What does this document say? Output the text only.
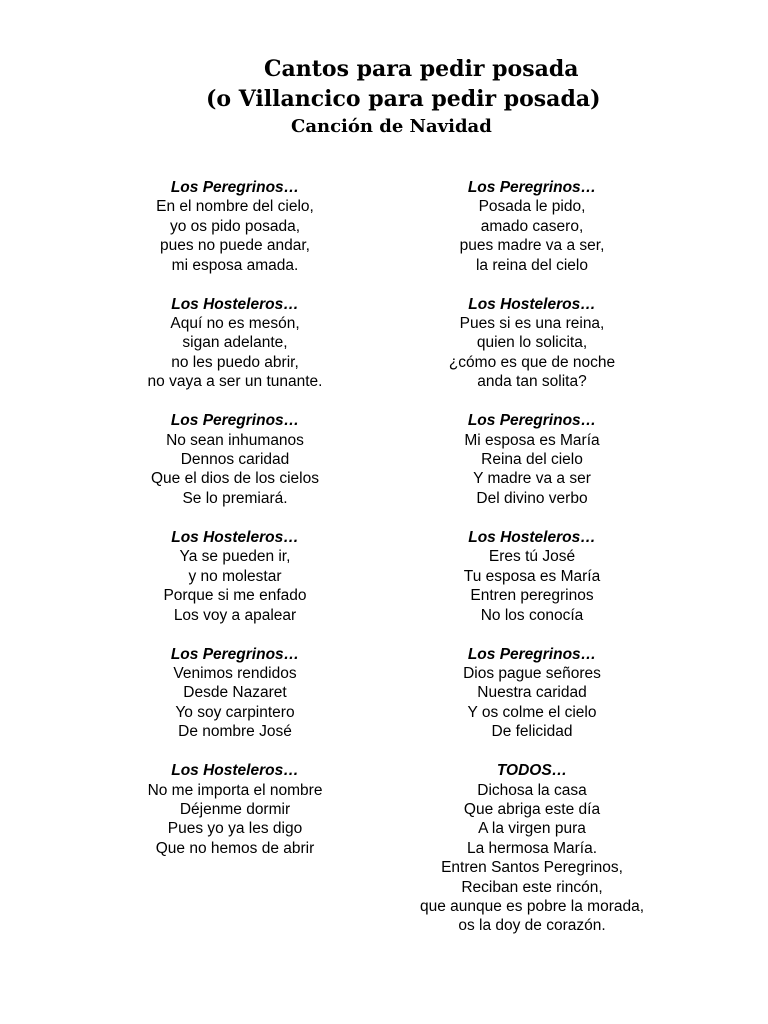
Cantos para pedir posada
(o Villancico para pedir posada)
Canción de Navidad
Los Peregrinos…
En el nombre del cielo,
yo os pido posada,
pues no puede andar,
mi esposa amada.
Los Hosteleros…
Aquí no es mesón,
sigan adelante,
no les puedo abrir,
no vaya a ser un tunante.
Los Peregrinos…
No sean inhumanos
Dennos caridad
Que el dios de los cielos
Se lo premiará.
Los Hosteleros…
Ya se pueden ir,
y no molestar
Porque si me enfado
Los voy a apalear
Los Peregrinos…
Venimos rendidos
Desde Nazaret
Yo soy carpintero
De nombre José
Los Hosteleros…
No me importa el nombre
Déjenme dormir
Pues yo ya les digo
Que no hemos de abrir
Los Peregrinos…
Posada le pido,
amado casero,
pues madre va a ser,
la reina del cielo
Los Hosteleros…
Pues si es una reina,
quien lo solicita,
¿cómo es que de noche
anda tan solita?
Los Peregrinos…
Mi esposa es María
Reina del cielo
Y madre va a ser
Del divino verbo
Los Hosteleros…
Eres tú José
Tu esposa es María
Entren peregrinos
No los conocía
Los Peregrinos…
Dios pague señores
Nuestra caridad
Y os colme el cielo
De felicidad
TODOS…
Dichosa la casa
Que abriga este día
A la virgen pura
La hermosa María.
Entren Santos Peregrinos,
Reciban este rincón,
que aunque es pobre la morada,
os la doy de corazón.
